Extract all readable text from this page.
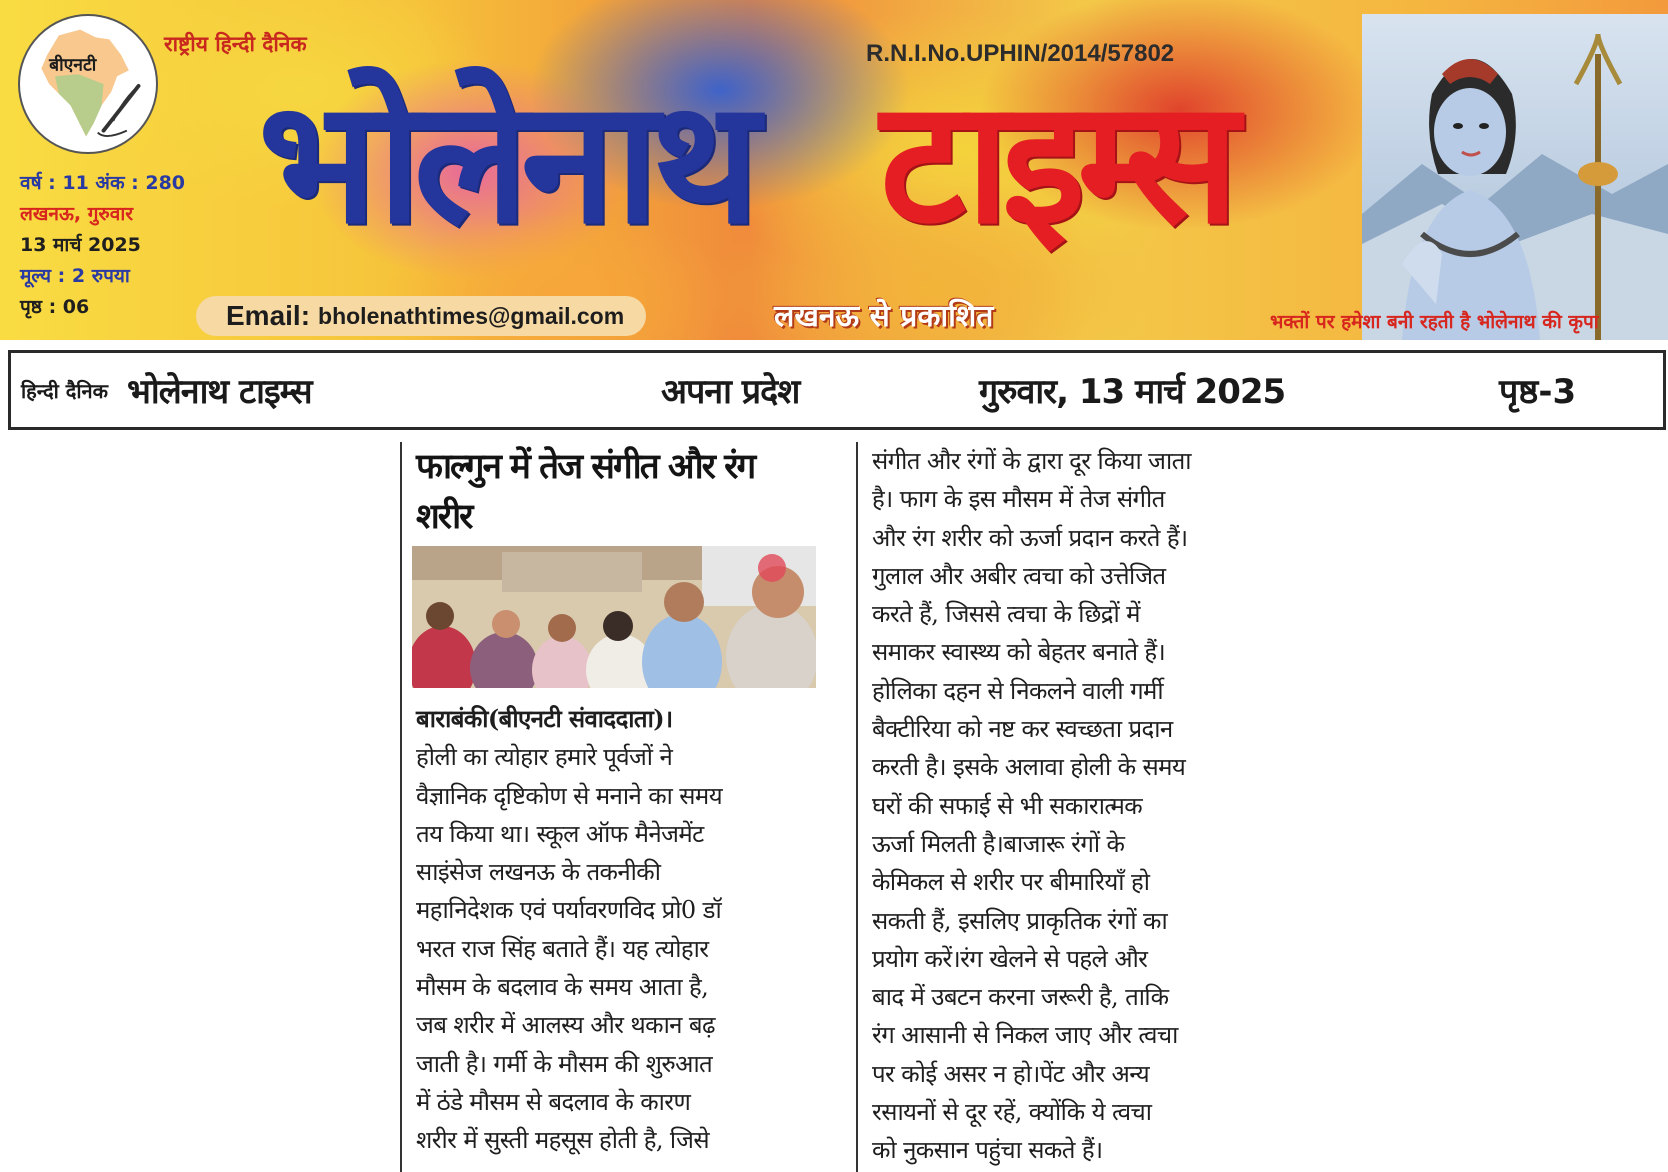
बीएनटी
राष्ट्रीय हिन्दी दैनिक	R.N.I.No.UPHIN/2014/57802
वर्ष : 11 अंक : 280
लखनऊ, गुरुवार
13 मार्च 2025
मूल्य : 2 रुपया
पृष्ठ : 06
भोलेनाथ टाइम्स
Email: bholenathtimes@gmail.com	लखनऊ से प्रकाशित	भक्तों पर हमेशा बनी रहती है भोलेनाथ की कृपा
हिन्दी दैनिक भोलेनाथ टाइम्स	अपना प्रदेश	गुरुवार, 13 मार्च 2025	पृष्ठ-3
फाल्गुन में तेज संगीत और रंग शरीर
बाराबंकी(बीएनटी संवाददाता)।
होली का त्योहार हमारे पूर्वजों ने
वैज्ञानिक दृष्टिकोण से मनाने का समय
तय किया था। स्कूल ऑफ मैनेजमेंट
साइंसेज लखनऊ के तकनीकी
महानिदेशक एवं पर्यावरणविद प्रो0 डॉ
भरत राज सिंह बताते हैं। यह त्योहार
मौसम के बदलाव के समय आता है,
जब शरीर में आलस्य और थकान बढ़
जाती है। गर्मी के मौसम की शुरुआत
में ठंडे मौसम से बदलाव के कारण
शरीर में सुस्ती महसूस होती है, जिसे
संगीत और रंगों के द्वारा दूर किया जाता
है। फाग के इस मौसम में तेज संगीत
और रंग शरीर को ऊर्जा प्रदान करते हैं।
गुलाल और अबीर त्वचा को उत्तेजित
करते हैं, जिससे त्वचा के छिद्रों में
समाकर स्वास्थ्य को बेहतर बनाते हैं।
होलिका दहन से निकलने वाली गर्मी
बैक्टीरिया को नष्ट कर स्वच्छता प्रदान
करती है। इसके अलावा होली के समय
घरों की सफाई से भी सकारात्मक
ऊर्जा मिलती है।बाजारू रंगों के
केमिकल से शरीर पर बीमारियाँ हो
सकती हैं, इसलिए प्राकृतिक रंगों का
प्रयोग करें।रंग खेलने से पहले और
बाद में उबटन करना जरूरी है, ताकि
रंग आसानी से निकल जाए और त्वचा
पर कोई असर न हो।पेंट और अन्य
रसायनों से दूर रहें, क्योंकि ये त्वचा
को नुकसान पहुंचा सकते हैं।
